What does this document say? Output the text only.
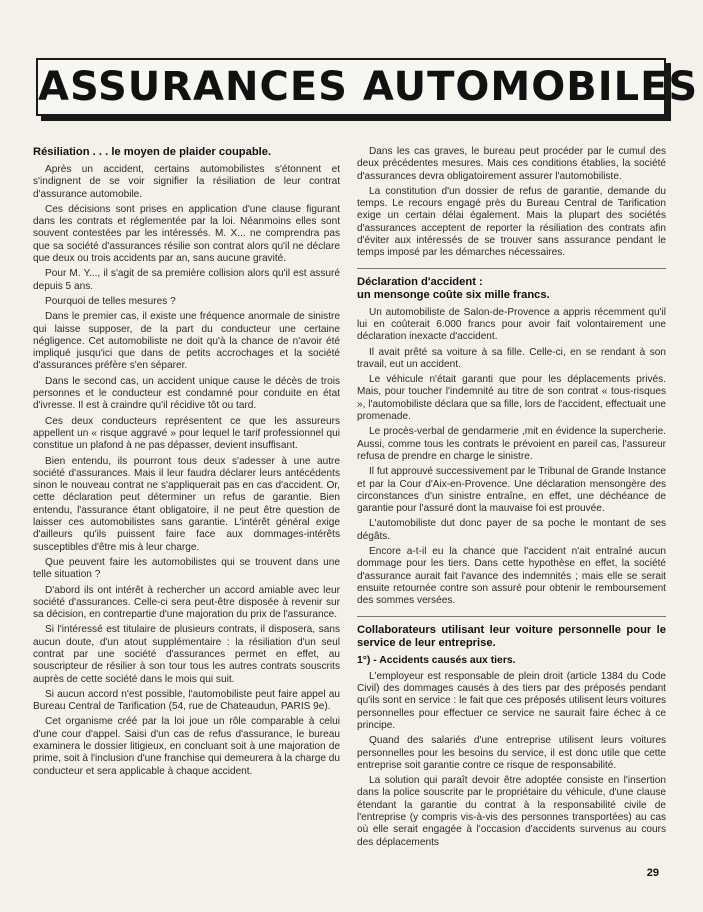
ASSURANCES AUTOMOBILES
Résiliation . . . le moyen de plaider coupable.

Après un accident, certains automobilistes s'étonnent et s'indignent de se voir signifier la résiliation de leur contrat d'assurance automobile.

Ces décisions sont prises en application d'une clause figurant dans les contrats et réglementée par la loi. Néanmoins elles sont souvent contestées par les intéressés. M. X... ne comprendra pas que sa société d'assurances résilie son contrat alors qu'il ne déclare que deux ou trois accidents par an, sans aucune gravité.

Pour M. Y..., il s'agit de sa première collision alors qu'il est assuré depuis 5 ans.

Pourquoi de telles mesures ?

Dans le premier cas, il existe une fréquence anormale de sinistre qui laisse supposer, de la part du conducteur une certaine négligence. Cet automobiliste ne doit qu'à la chance de n'avoir été impliqué jusqu'ici que dans de petits accrochages et la société d'assurances préfère s'en séparer.

Dans le second cas, un accident unique cause le décès de trois personnes et le conducteur est condamné pour conduite en état d'ivresse. Il est à craindre qu'il récidive tôt ou tard.

Ces deux conducteurs représentent ce que les assureurs appellent un « risque aggravé » pour lequel le tarif professionnel qui constitue un plafond à ne pas dépasser, devient insuffisant.

Bien entendu, ils pourront tous deux s'adesser à une autre société d'assurances. Mais il leur faudra déclarer leurs antécédents sinon le nouveau contrat ne s'appliquerait pas en cas d'accident. Or, cette déclaration peut déterminer un refus de garantie. Bien entendu, l'assurance étant obligatoire, il ne peut être question de laisser ces automobilistes sans garantie. L'intérêt général exige d'ailleurs qu'ils puissent faire face aux dommages-intérêts susceptibles d'être mis à leur charge.

Que peuvent faire les automobilistes qui se trouvent dans une telle situation ?

D'abord ils ont intérêt à rechercher un accord amiable avec leur société d'assurances. Celle-ci sera peut-être disposée à revenir sur sa décision, en contrepartie d'une majoration du prix de l'assurance.

Si l'intéressé est titulaire de plusieurs contrats, il disposera, sans aucun doute, d'un atout supplémentaire : la résiliation d'un seul contrat par une société d'assurances permet en effet, au souscripteur de résilier à son tour tous les autres contrats souscrits auprès de cette société dans le mois qui suit.

Si aucun accord n'est possible, l'automobiliste peut faire appel au Bureau Central de Tarification (54, rue de Chateaudun, PARIS 9e).

Cet organisme créé par la loi joue un rôle comparable à celui d'une cour d'appel. Saisi d'un cas de refus d'assurance, le bureau examinera le dossier litigieux, en concluant soit à une majoration de prime, soit à l'inclusion d'une franchise qui demeurera à la charge du conducteur et sera applicable à chaque accident.

Dans les cas graves, le bureau peut procéder par le cumul des deux précédentes mesures. Mais ces conditions établies, la société d'assurances devra obligatoirement assurer l'automobiliste.

La constitution d'un dossier de refus de garantie, demande du temps. Le recours engagé près du Bureau Central de Tarification exige un certain délai également. Mais la plupart des sociétés d'assurances acceptent de reporter la résiliation des contrats afin d'éviter aux intéressés de se trouver sans assurance pendant le temps imposé par les démarches nécessaires.

Déclaration d'accident :
un mensonge coûte six mille francs.

Un automobiliste de Salon-de-Provence a appris récemment qu'il lui en coûterait 6.000 francs pour avoir fait volontairement une déclaration inexacte d'accident.

Il avait prêté sa voiture à sa fille. Celle-ci, en se rendant à son travail, eut un accident.

Le véhicule n'était garanti que pour les déplacements privés. Mais, pour toucher l'indemnité au titre de son contrat « tous-risques », l'automobiliste déclara que sa fille, lors de l'accident, effectuait une promenade.

Le procès-verbal de gendarmerie ,mit en évidence la supercherie. Aussi, comme tous les contrats le prévoient en pareil cas, l'assureur refusa de prendre en charge le sinistre.

Il fut approuvé successivement par le Tribunal de Grande Instance et par la Cour d'Aix-en-Provence. Une déclaration mensongère des circonstances d'un sinistre entraîne, en effet, une déchéance de garantie pour l'assuré dont la mauvaise foi est prouvée.

L'automobiliste dut donc payer de sa poche le montant de ses dégâts.

Encore a-t-il eu la chance que l'accident n'ait entraîné aucun dommage pour les tiers. Dans cette hypothèse en effet, la société d'assurance aurait fait l'avance des indemnités ; mais elle se serait ensuite retournée contre son assuré pour obtenir le remboursement des sommes versées.

Collaborateurs utilisant leur voiture personnelle pour le service de leur entreprise.
1°) - Accidents causés aux tiers.

L'employeur est responsable de plein droit (article 1384 du Code Civil) des dommages causés à des tiers par des préposés pendant qu'ils sont en service : le fait que ces préposés utilisent leurs voitures personnelles pour effectuer ce service ne saurait faire échec à ce principe.

Quand des salariés d'une entreprise utilisent leurs voitures personnelles pour les besoins du service, il est donc utile que cette entreprise soit garantie contre ce risque de responsabilité.

La solution qui paraît devoir être adoptée consiste en l'insertion dans la police souscrite par le propriétaire du véhicule, d'une clause étendant la garantie du contrat à la responsabilité civile de l'entreprise (y compris vis-à-vis des personnes transportées) au cas où elle serait engagée à l'occasion d'accidents survenus au cours des déplacements

29
